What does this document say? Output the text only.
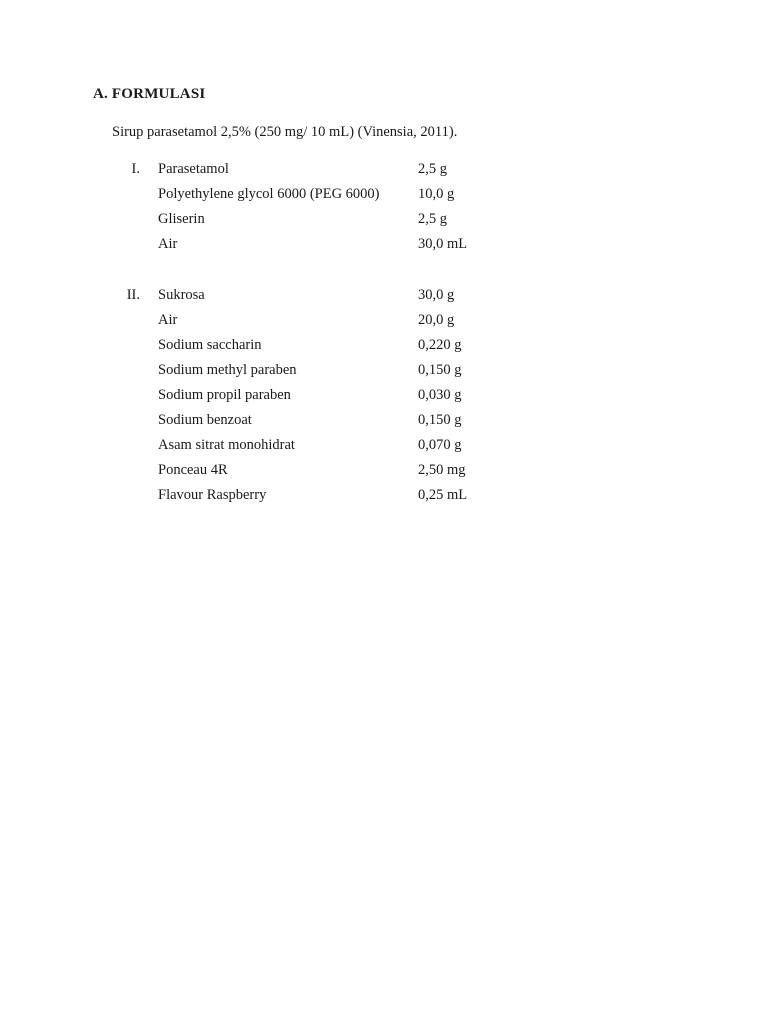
A. FORMULASI
Sirup parasetamol 2,5% (250 mg/ 10 mL) (Vinensia, 2011).
I. Parasetamol	2,5 g
Polyethylene glycol 6000 (PEG 6000)	10,0 g
Gliserin	2,5 g
Air	30,0 mL
II. Sukrosa	30,0 g
Air	20,0 g
Sodium saccharin	0,220 g
Sodium methyl paraben	0,150 g
Sodium propil paraben	0,030 g
Sodium benzoat	0,150 g
Asam sitrat monohidrat	0,070 g
Ponceau 4R	2,50 mg
Flavour Raspberry	0,25 mL
